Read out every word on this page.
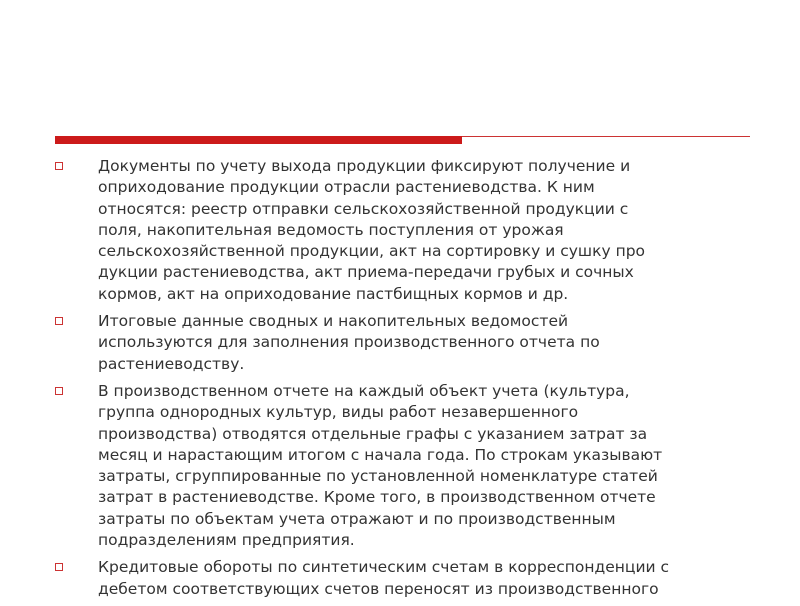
Документы по учету выхода продукции фиксируют получение и
оприходование продукции отрасли растениеводства. К ним
относятся: реестр отправки сельскохозяйственной продукции с
поля, накопительная ведомость поступления от урожая
сельскохозяйственной продукции, акт на сортировку и сушку про
дукции растениеводства, акт приема-передачи грубых и сочных
кормов, акт на оприходование пастбищных кормов и др.
Итоговые данные сводных и накопительных ведомостей
используются для заполнения производственного отчета по
растениеводству.
В производственном отчете на каждый объект учета (культура,
группа однородных культур, виды работ незавершенного
производства) отводятся отдельные графы с указанием затрат за
месяц и нарастающим итогом с начала года. По строкам указывают
затраты, сгруппированные по установленной номенклатуре статей
затрат в растениеводстве. Кроме того, в производственном отчете
затраты по объектам учета отражают и по производственным
подразделениям предприятия.
Кредитовые обороты по синтетическим счетам в корреспонденции с
дебетом соответствующих счетов переносят из производственного
